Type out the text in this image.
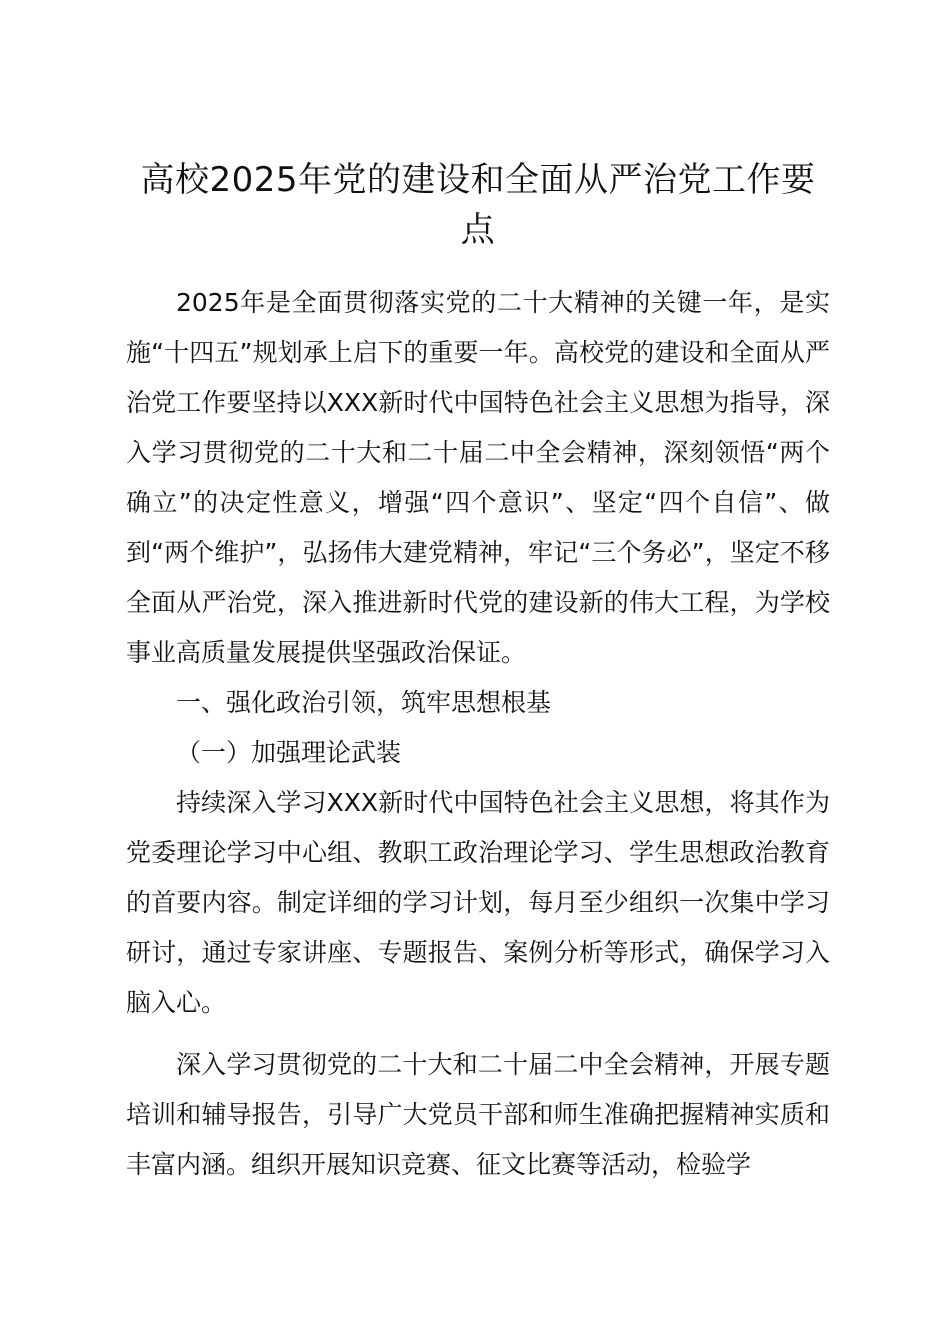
高校2025年党的建设和全面从严治党工作要点

2025年是全面贯彻落实党的二十大精神的关键一年，是实施“十四五”规划承上启下的重要一年。高校党的建设和全面从严治党工作要坚持以XXX新时代中国特色社会主义思想为指导，深入学习贯彻党的二十大和二十届二中全会精神，深刻领悟“两个确立”的决定性意义，增强“四个意识”、坚定“四个自信”、做到“两个维护”，弘扬伟大建党精神，牢记“三个务必”，坚定不移全面从严治党，深入推进新时代党的建设新的伟大工程，为学校事业高质量发展提供坚强政治保证。

一、强化政治引领，筑牢思想根基

（一）加强理论武装

持续深入学习XXX新时代中国特色社会主义思想，将其作为党委理论学习中心组、教职工政治理论学习、学生思想政治教育的首要内容。制定详细的学习计划，每月至少组织一次集中学习研讨，通过专家讲座、专题报告、案例分析等形式，确保学习入脑入心。

深入学习贯彻党的二十大和二十届二中全会精神，开展专题培训和辅导报告，引导广大党员干部和师生准确把握精神实质和丰富内涵。组织开展知识竞赛、征文比赛等活动，检验学
